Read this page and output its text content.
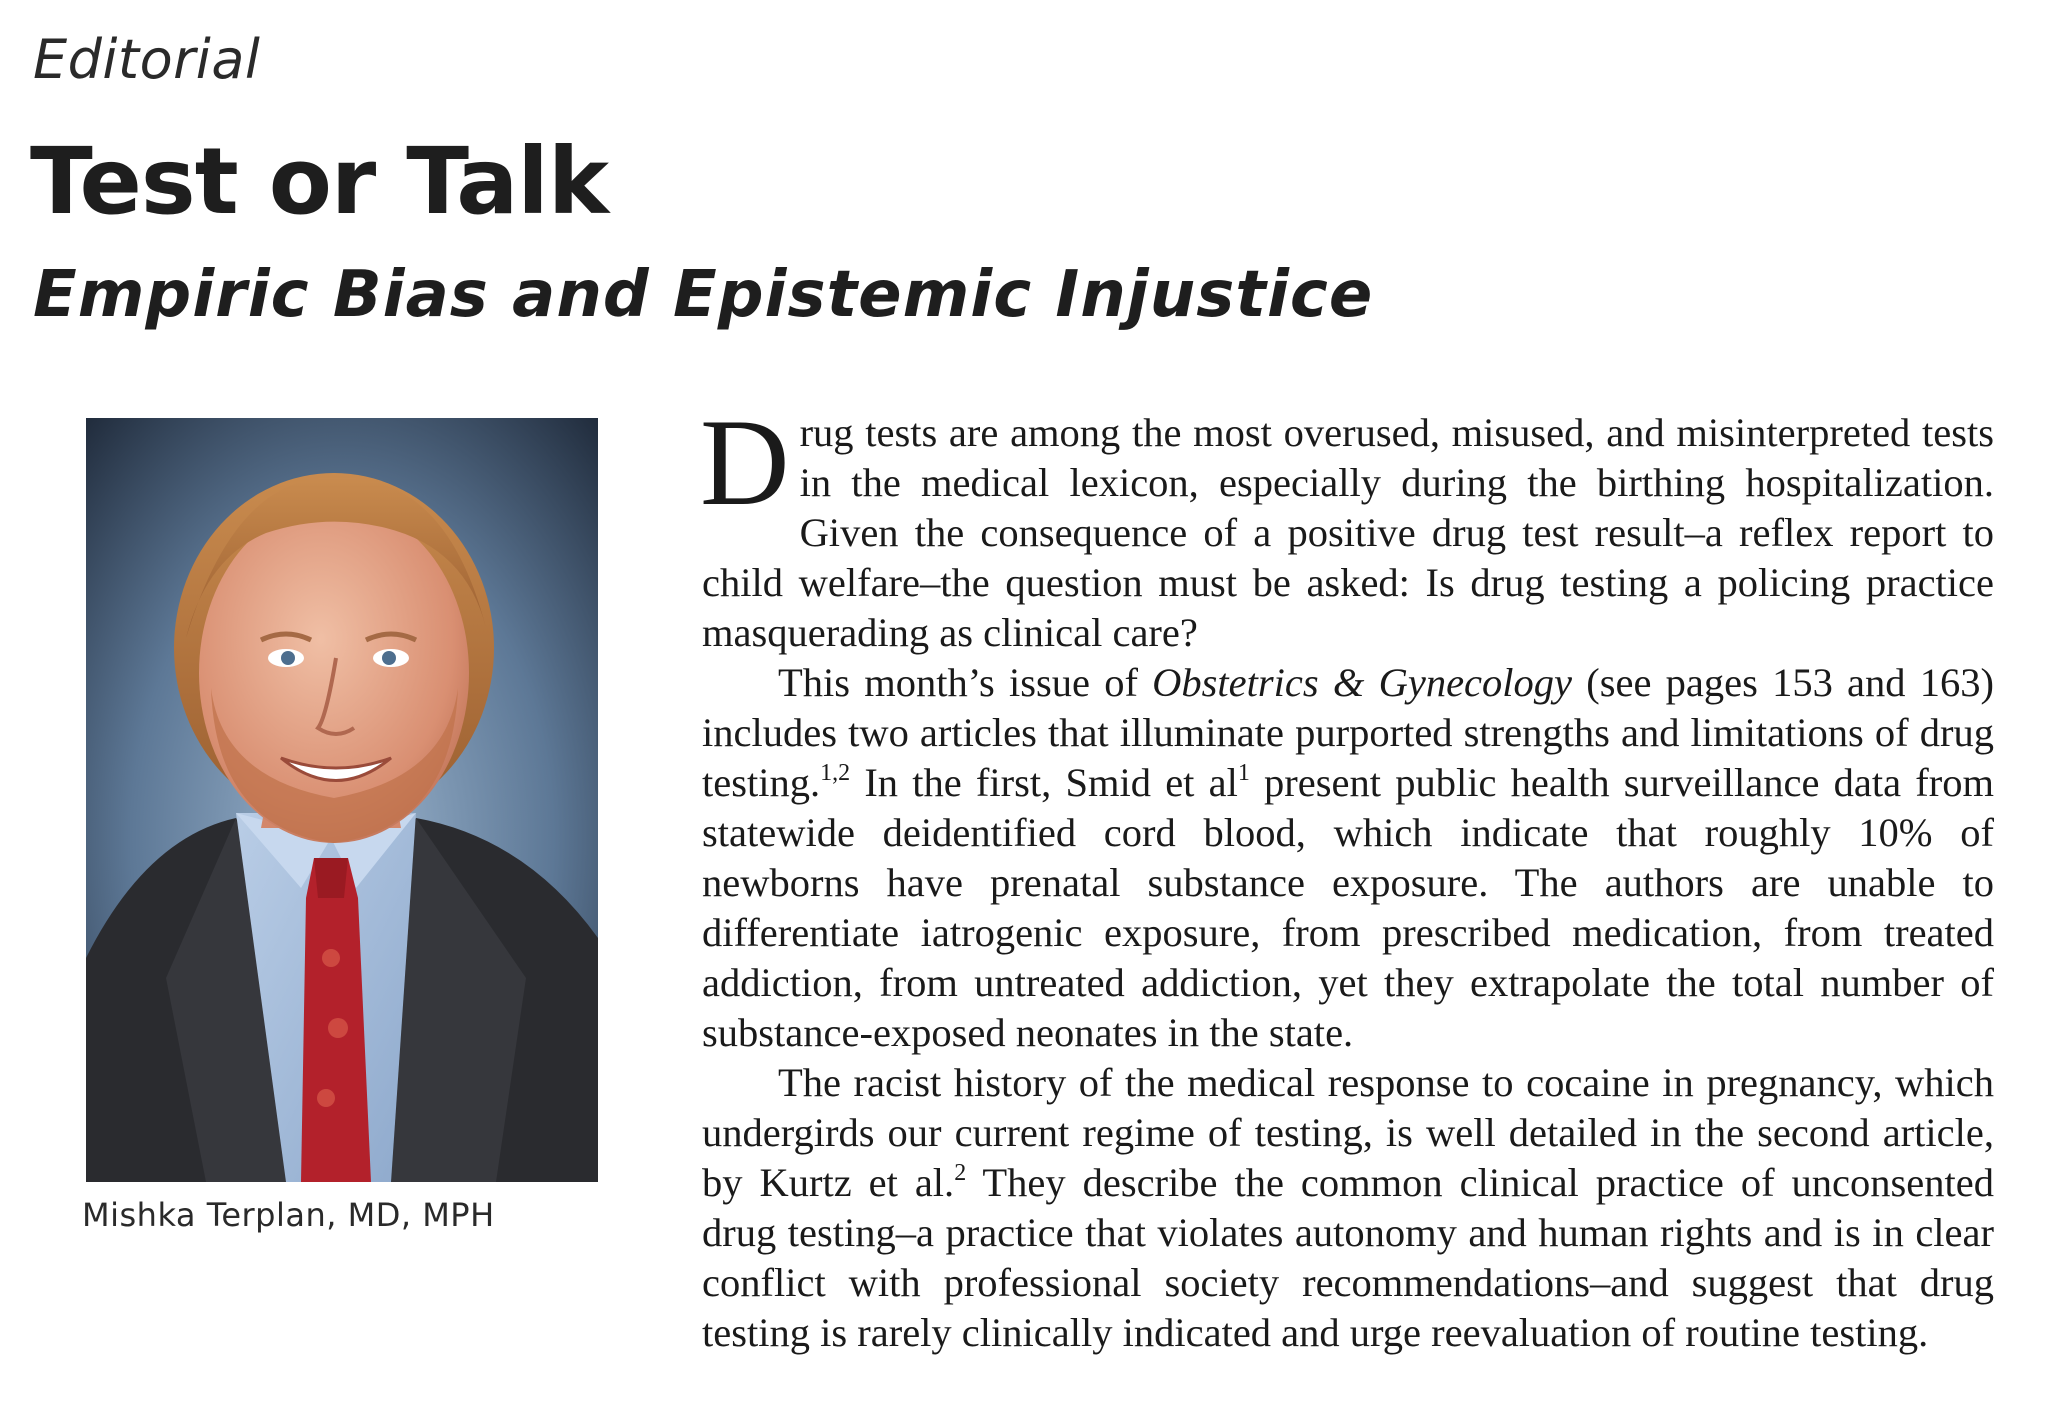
Editorial

Test or Talk
Empiric Bias and Epistemic Injustice
Mishka Terplan, MD, MPH

Drug tests are among the most overused, misused, and misinterpreted tests in the medical lexicon, especially during the birthing hospitalization. Given the consequence of a positive drug test result–a reflex report to child welfare–the question must be asked: Is drug testing a policing practice masquerading as clinical care?

This month’s issue of Obstetrics & Gynecology (see pages 153 and 163) includes two articles that illuminate purported strengths and limitations of drug testing.$^{1,2}$ In the first, Smid et $al^1$ present public health surveillance data from statewide deidentified cord blood, which indicate that roughly 10% of newborns have prenatal substance exposure. The authors are unable to differentiate iatrogenic exposure, from prescribed medication, from treated addiction, from untreated addiction, yet they extrapolate the total number of substance-exposed neonates in the state.

The racist history of the medical response to cocaine in pregnancy, which undergirds our current regime of testing, is well detailed in the second article, by Kurtz et al.$^2$ They describe the common clinical practice of unconsented drug testing–a practice that violates autonomy and human rights and is in clear conflict with professional society recommendations–and suggest that drug testing is rarely clinically indicated and urge reevaluation of routine testing.
